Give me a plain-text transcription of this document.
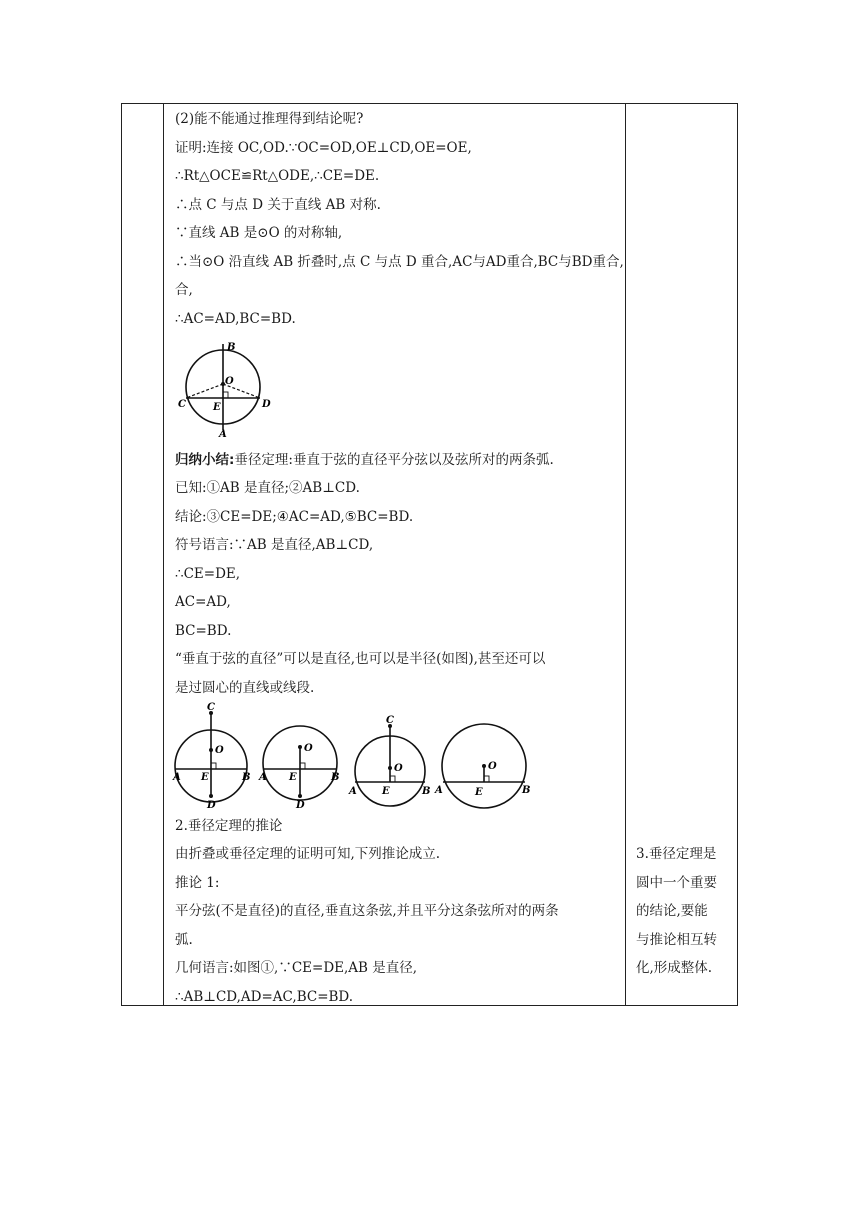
(2)能不能通过推理得到结论呢?
证明:连接 OC,OD.∵OC=OD,OE⊥CD,OE=OE,
∴Rt△OCE≌Rt△ODE,∴CE=DE.
∴点 C 与点 D 关于直线 AB 对称.
∵直线 AB 是⊙O 的对称轴,
∴当⊙O 沿直线 AB 折叠时,点 C 与点 D 重合,AC与AD重合,BC与BD重合,
合,
∴AC=AD,BC=BD.
B
O
C	D
E
A
归纳小结:垂径定理:垂直于弦的直径平分弦以及弦所对的两条弧.
已知:①AB 是直径;②AB⊥CD.
结论:③CE=DE;④AC=AD,⑤BC=BD.
符号语言:∵AB 是直径,AB⊥CD,
∴CE=DE,
AC=AD,
BC=BD.
“垂直于弦的直径”可以是直径,也可以是半径(如图),甚至还可以
是过圆心的直线或线段.
C
O
A E	B
D
O
A E	B
D
C
O
A	E	B
O
A	E	B
2.垂径定理的推论
由折叠或垂径定理的证明可知,下列推论成立.
推论 1:
平分弦(不是直径)的直径,垂直这条弦,并且平分这条弦所对的两条
弧.
几何语言:如图①,∵CE=DE,AB 是直径,
∴AB⊥CD,AD=AC,BC=BD.
3.垂径定理是
圆中一个重要
的结论,要能
与推论相互转
化,形成整体.
